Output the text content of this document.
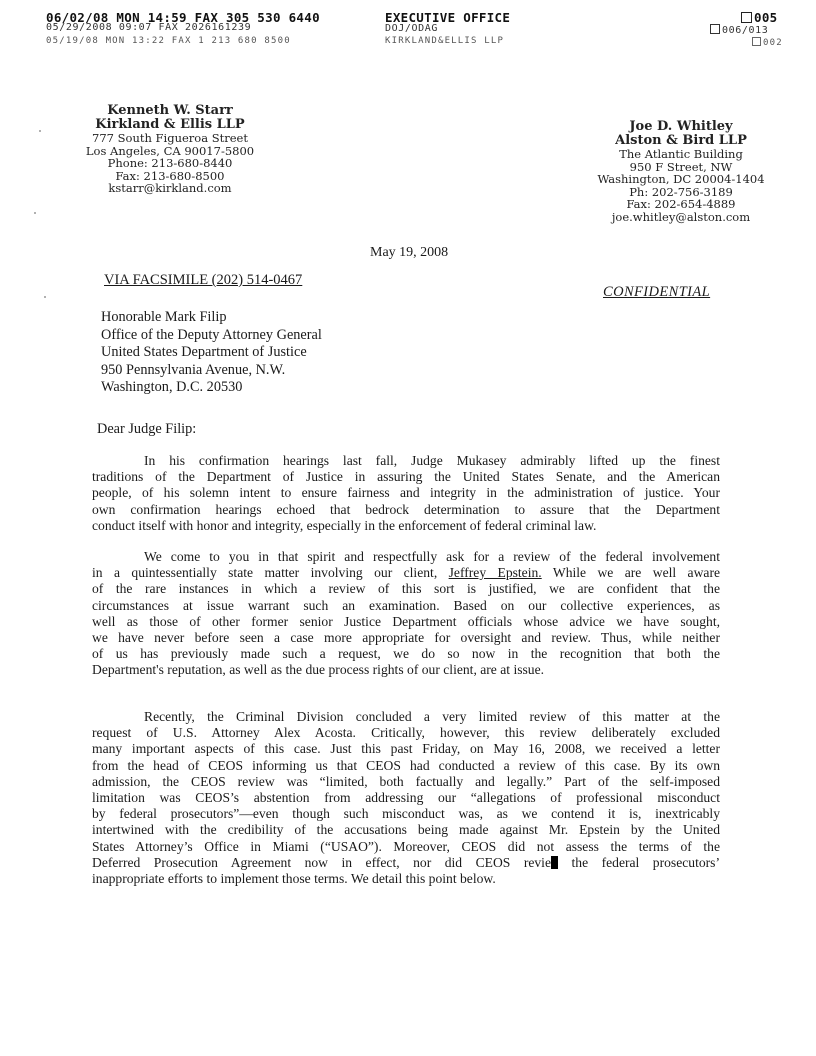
06/02/08 MON 14:59 FAX 305 530 6440	EXECUTIVE OFFICE	005
05/29/2008 09:07 FAX 2026161239	DOJ/ODAG	006/013
05/19/08 MON 13:22 FAX 1 213 680 8500	KIRKLAND&ELLIS LLP	002
Kenneth W. Starr
Kirkland & Ellis LLP
777 South Figueroa Street
Los Angeles, CA 90017-5800
Phone: 213-680-8440
Fax: 213-680-8500
kstarr@kirkland.com
Joe D. Whitley
Alston & Bird LLP
The Atlantic Building
950 F Street, NW
Washington, DC 20004-1404
Ph: 202-756-3189
Fax: 202-654-4889
joe.whitley@alston.com
May 19, 2008
VIA FACSIMILE (202) 514-0467
CONFIDENTIAL
Honorable Mark Filip
Office of the Deputy Attorney General
United States Department of Justice
950 Pennsylvania Avenue, N.W.
Washington, D.C. 20530
Dear Judge Filip:
In his confirmation hearings last fall, Judge Mukasey admirably lifted up the finest
traditions of the Department of Justice in assuring the United States Senate, and the American
people, of his solemn intent to ensure fairness and integrity in the administration of justice. Your
own confirmation hearings echoed that bedrock determination to assure that the Department
conduct itself with honor and integrity, especially in the enforcement of federal criminal law.
We come to you in that spirit and respectfully ask for a review of the federal involvement
in a quintessentially state matter involving our client, Jeffrey Epstein. While we are well aware
of the rare instances in which a review of this sort is justified, we are confident that the
circumstances at issue warrant such an examination. Based on our collective experiences, as
well as those of other former senior Justice Department officials whose advice we have sought,
we have never before seen a case more appropriate for oversight and review. Thus, while neither
of us has previously made such a request, we do so now in the recognition that both the
Department's reputation, as well as the due process rights of our client, are at issue.
Recently, the Criminal Division concluded a very limited review of this matter at the
request of U.S. Attorney Alex Acosta. Critically, however, this review deliberately excluded
many important aspects of this case. Just this past Friday, on May 16, 2008, we received a letter
from the head of CEOS informing us that CEOS had conducted a review of this case. By its own
admission, the CEOS review was “limited, both factually and legally.” Part of the self-imposed
limitation was CEOS’s abstention from addressing our “allegations of professional misconduct
by federal prosecutors”—even though such misconduct was, as we contend it is, inextricably
intertwined with the credibility of the accusations being made against Mr. Epstein by the United
States Attorney’s Office in Miami (“USAO”). Moreover, CEOS did not assess the terms of the
Deferred Prosecution Agreement now in effect, nor did CEOS revie the federal prosecutors’
inappropriate efforts to implement those terms. We detail this point below.
